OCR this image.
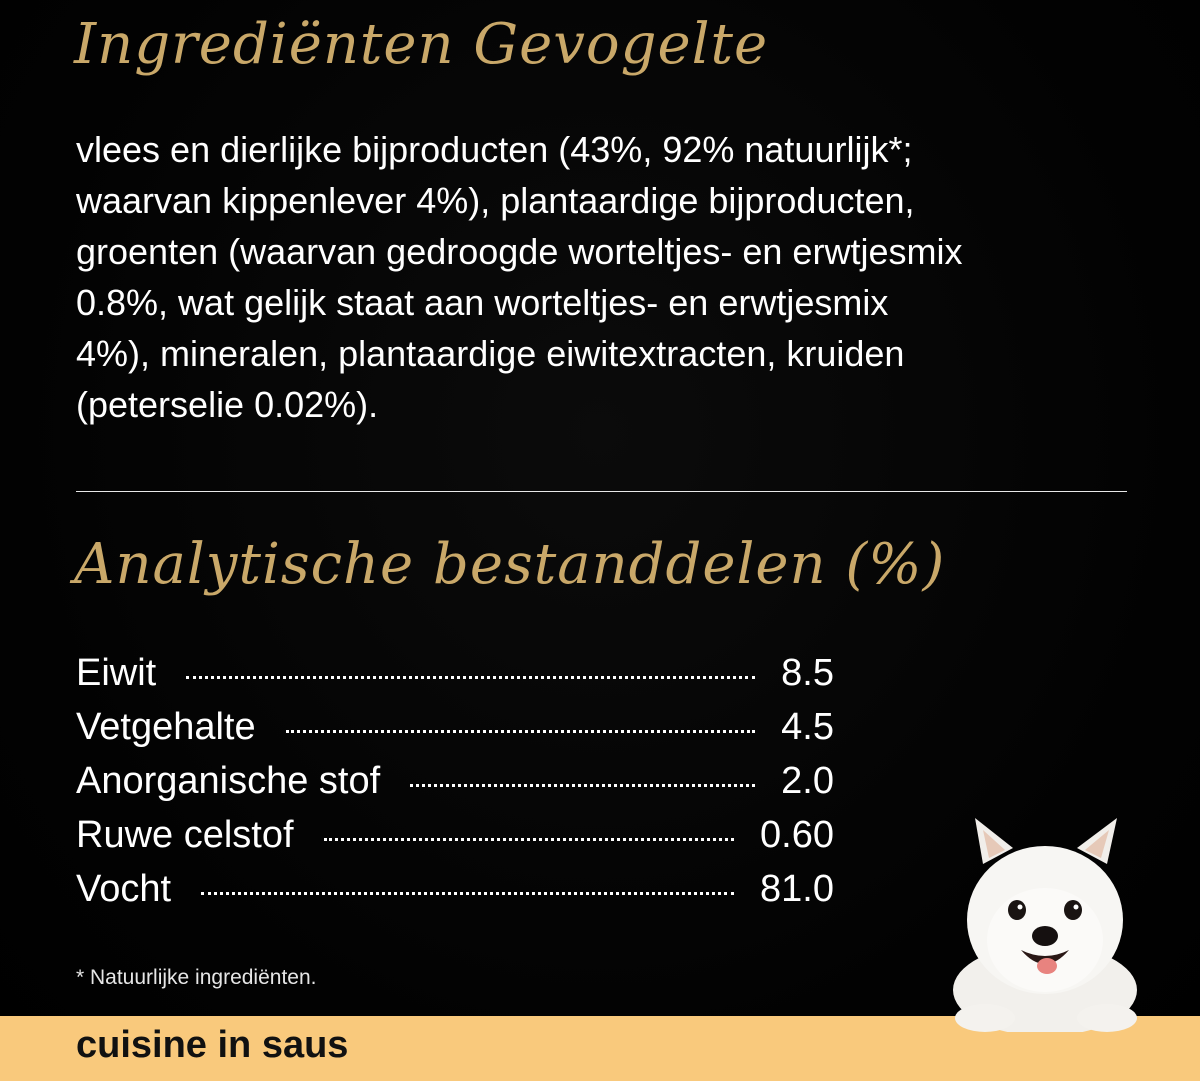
Ingrediënten Gevogelte
vlees en dierlijke bijproducten (43%, 92% natuurlijk*;
waarvan kippenlever 4%), plantaardige bijproducten,
groenten (waarvan gedroogde worteltjes- en erwtjesmix
0.8%, wat gelijk staat aan worteltjes- en erwtjesmix
4%), mineralen, plantaardige eiwitextracten, kruiden
(peterselie 0.02%).
Analytische bestanddelen (%)
Eiwit	8.5
Vetgehalte	4.5
Anorganische stof	2.0
Ruwe celstof	0.60
Vocht	81.0

* Natuurlijke ingrediënten.

cuisine in saus
